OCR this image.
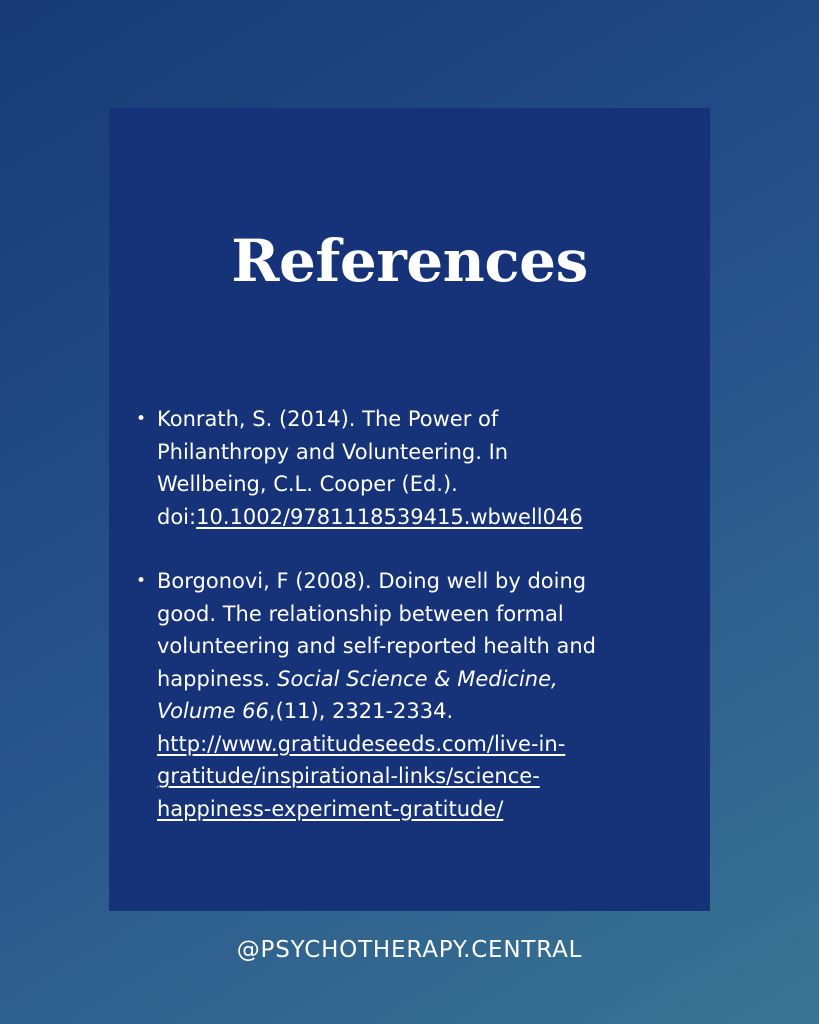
References
• Konrath, S. (2014). The Power of
Philanthropy and Volunteering. In
Wellbeing, C.L. Cooper (Ed.).
doi:10.1002/9781118539415.wbwell046
• Borgonovi, F (2008). Doing well by doing
good. The relationship between formal
volunteering and self-reported health and
happiness. Social Science & Medicine,
Volume 66,(11), 2321-2334.
http://www.gratitudeseeds.com/live-in-
gratitude/inspirational-links/science-
happiness-experiment-gratitude/
@PSYCHOTHERAPY.CENTRAL
